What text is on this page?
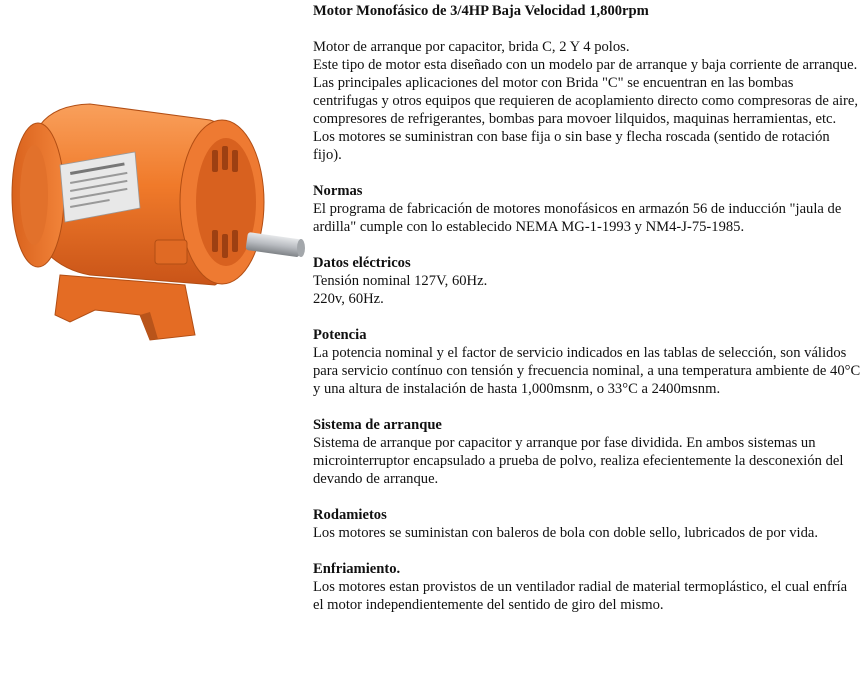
Motor Monofásico de 3/4HP Baja Velocidad 1,800rpm

Motor de arranque por capacitor, brida C, 2 Y 4 polos.

Este tipo de motor esta diseñado con un modelo par de arranque y baja corriente de arranque.

Las principales aplicaciones del motor con Brida "C" se encuentran en las bombas centrifugas y otros equipos que requieren de acoplamiento directo como compresoras de aire, compresores de refrigerantes, bombas para movoer lilquidos, maquinas herramientas, etc.

Los motores se suministran con base fija o sin base y flecha roscada (sentido de rotación fijo).

Normas

El programa de fabricación de motores monofásicos en armazón 56 de inducción "jaula de ardilla" cumple con lo establecido NEMA MG-1-1993 y NM4-J-75-1985.

Datos eléctricos

Tensión nominal 127V, 60Hz.

220v, 60Hz.

Potencia

La potencia nominal y el factor de servicio indicados en las tablas de selección, son válidos para servicio contínuo con tensión y frecuencia nominal, a una temperatura ambiente de 40°C y una altura de instalación de hasta 1,000msnm, o 33°C a 2400msnm.

Sistema de arranque

Sistema de arranque por capacitor y arranque por fase dividida. En ambos sistemas un microinterruptor encapsulado a prueba de polvo, realiza efecientemente la desconexión del devando de arranque.

Rodamietos

Los motores se suministan con baleros de bola con doble sello, lubricados de por vida.

Enfriamiento.

Los motores estan provistos de un ventilador radial de material termoplástico, el cual enfría el motor independientemente del sentido de giro del mismo.
